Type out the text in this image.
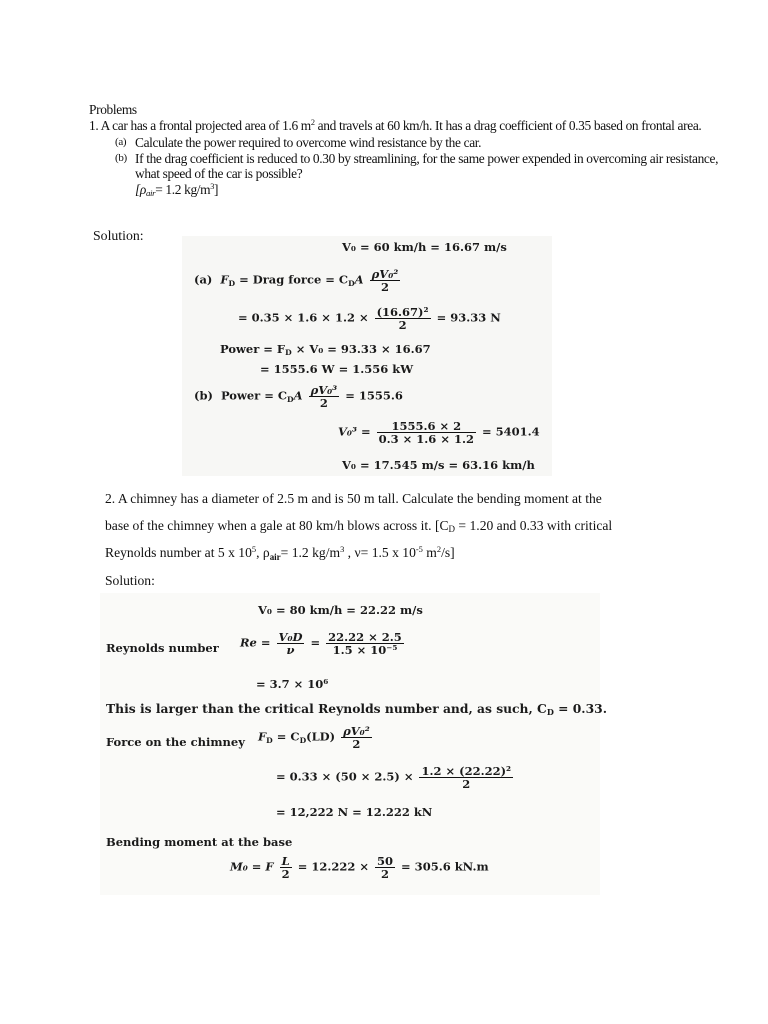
Problems
1. A car has a frontal projected area of 1.6 $m^2$ and travels at 60 km/h. It has a drag coefficient of 0.35 based on frontal area.
(a) Calculate the power required to overcome wind resistance by the car.
(b) If the drag coefficient is reduced to 0.30 by streamlining, for the same power expended in overcoming air resistance, what speed of the car is possible?
[ρair= 1.2 $kg/m^3$]
Solution:
V₀ = 60 km/h = 16.67 m/s
(a) FD = Drag force = CDA $\frac{\text{ρV₀²}}{2}$
= $0.35 \times 1.6 \times 1.2 \times \frac{\text{(16.67)²}}{2} = 93.33$ N
Power = FD × V₀ = 93.33 × 16.67
= 1555.6 W = 1.556 kW
(b) Power = CDA $\frac{\text{ρV₀³}}{2} = 1555.6$
$V_0^3 = \frac{1555.6 \times 2}{0.3 \times 1.6 \times 1.2} = 5401.4$
V₀ = 17.545 m/s = 63.16 km/h
2. A chimney has a diameter of 2.5 m and is 50 m tall. Calculate the bending moment at the
base of the chimney when a gale at 80 km/h blows across it. [CD = 1.20 and 0.33 with critical
Reynolds number at 5 x $10^5$, ρair= 1.2 $kg/m^3$ , ν= 1.5 x $10^{-5}$ $m^2/s$]
Solution:
V₀ = 80 km/h = 22.22 m/s
Reynolds number $Re = \frac{\text{V₀D}}{\nu} = \frac{22.22 \times 2.5}{\text{1.5 × 10⁻⁵}}$
= 3.7 × 10⁶
This is larger than the critical Reynolds number and, as such, CD = 0.33.
Force on the chimney FD = $CD(LD) \frac{\text{ρV₀²}}{2}$
= $0.33 \times (50 \times 2.5) \times \frac{\text{1.2 × (22.22)²}}{2}$
= 12,222 N = 12.222 kN
Bending moment at the base
M₀ = F $\frac{L}{2} = 12.222 \times \frac{50}{2} = 305.6$ kN.m
